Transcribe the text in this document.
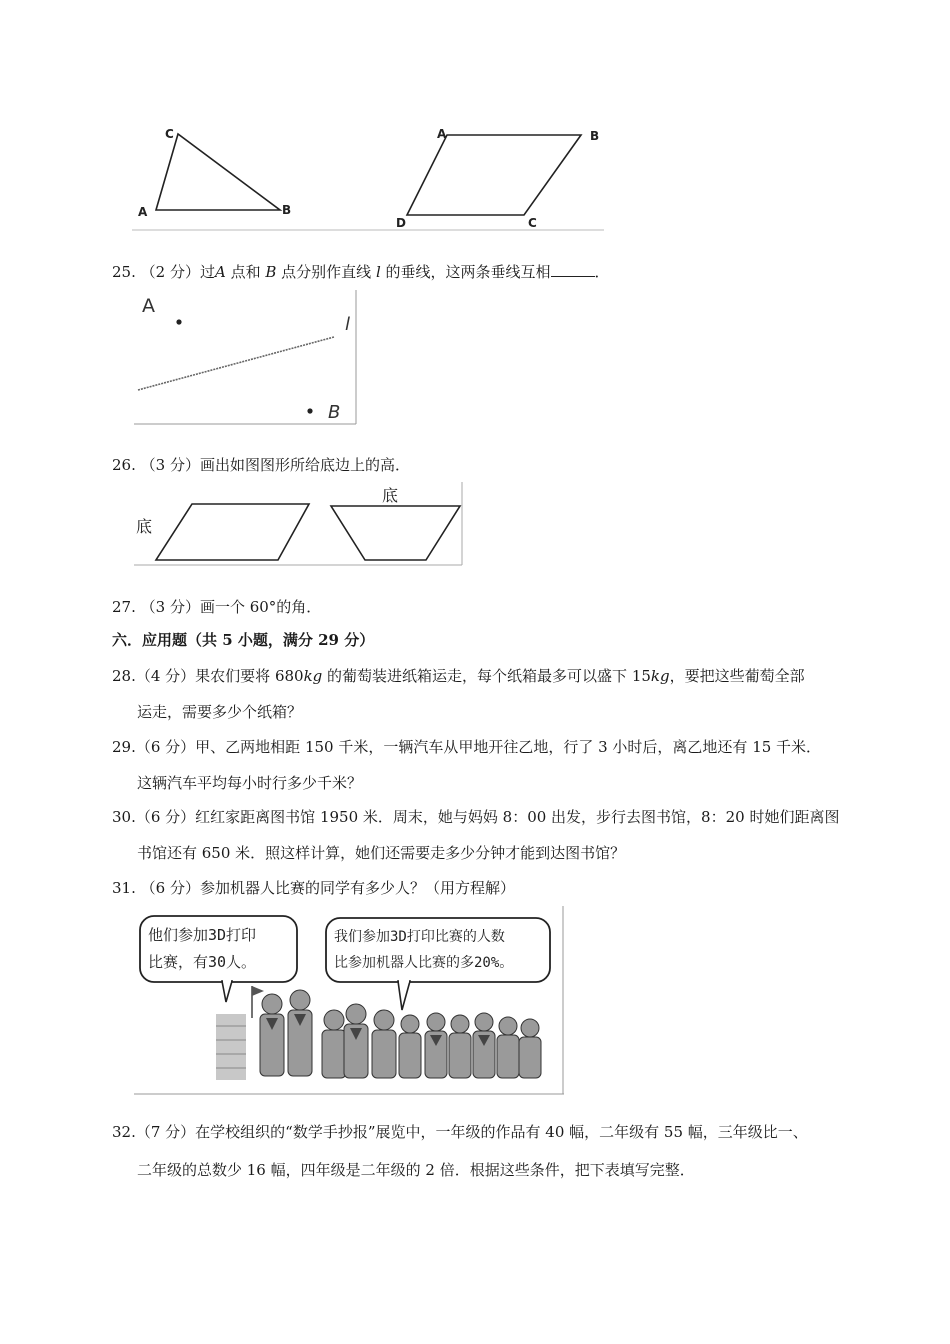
C
A	B
A	B
D	C
25. （2 分）过A 点和 B 点分别作直线 l 的垂线，这两条垂线互相	．
A
l
B
26. （3 分）画出如图图形所给底边上的高．
底
底
27. （3 分）画一个 60°的角．
六．应用题（共 5 小题，满分 29 分）
28.（4 分）果农们要将 680kg 的葡萄装进纸箱运走，每个纸箱最多可以盛下 15kg，要把这些葡萄全部
运走，需要多少个纸箱？
29.（6 分）甲、乙两地相距 150 千米，一辆汽车从甲地开往乙地，行了 3 小时后，离乙地还有 15 千米．
这辆汽车平均每小时行多少千米？
30.（6 分）红红家距离图书馆 1950 米．周末，她与妈妈 8：00 出发，步行去图书馆，8：20 时她们距离图
书馆还有 650 米．照这样计算，她们还需要走多少分钟才能到达图书馆？
31. （6 分）参加机器人比赛的同学有多少人？（用方程解）
他们参加3D打印
比赛，有30人。
我们参加3D打印比赛的人数
比参加机器人比赛的多20%。
32.（7 分）在学校组织的“数学手抄报”展览中，一年级的作品有 40 幅，二年级有 55 幅，三年级比一、
二年级的总数少 16 幅，四年级是二年级的 2 倍．根据这些条件，把下表填写完整．
